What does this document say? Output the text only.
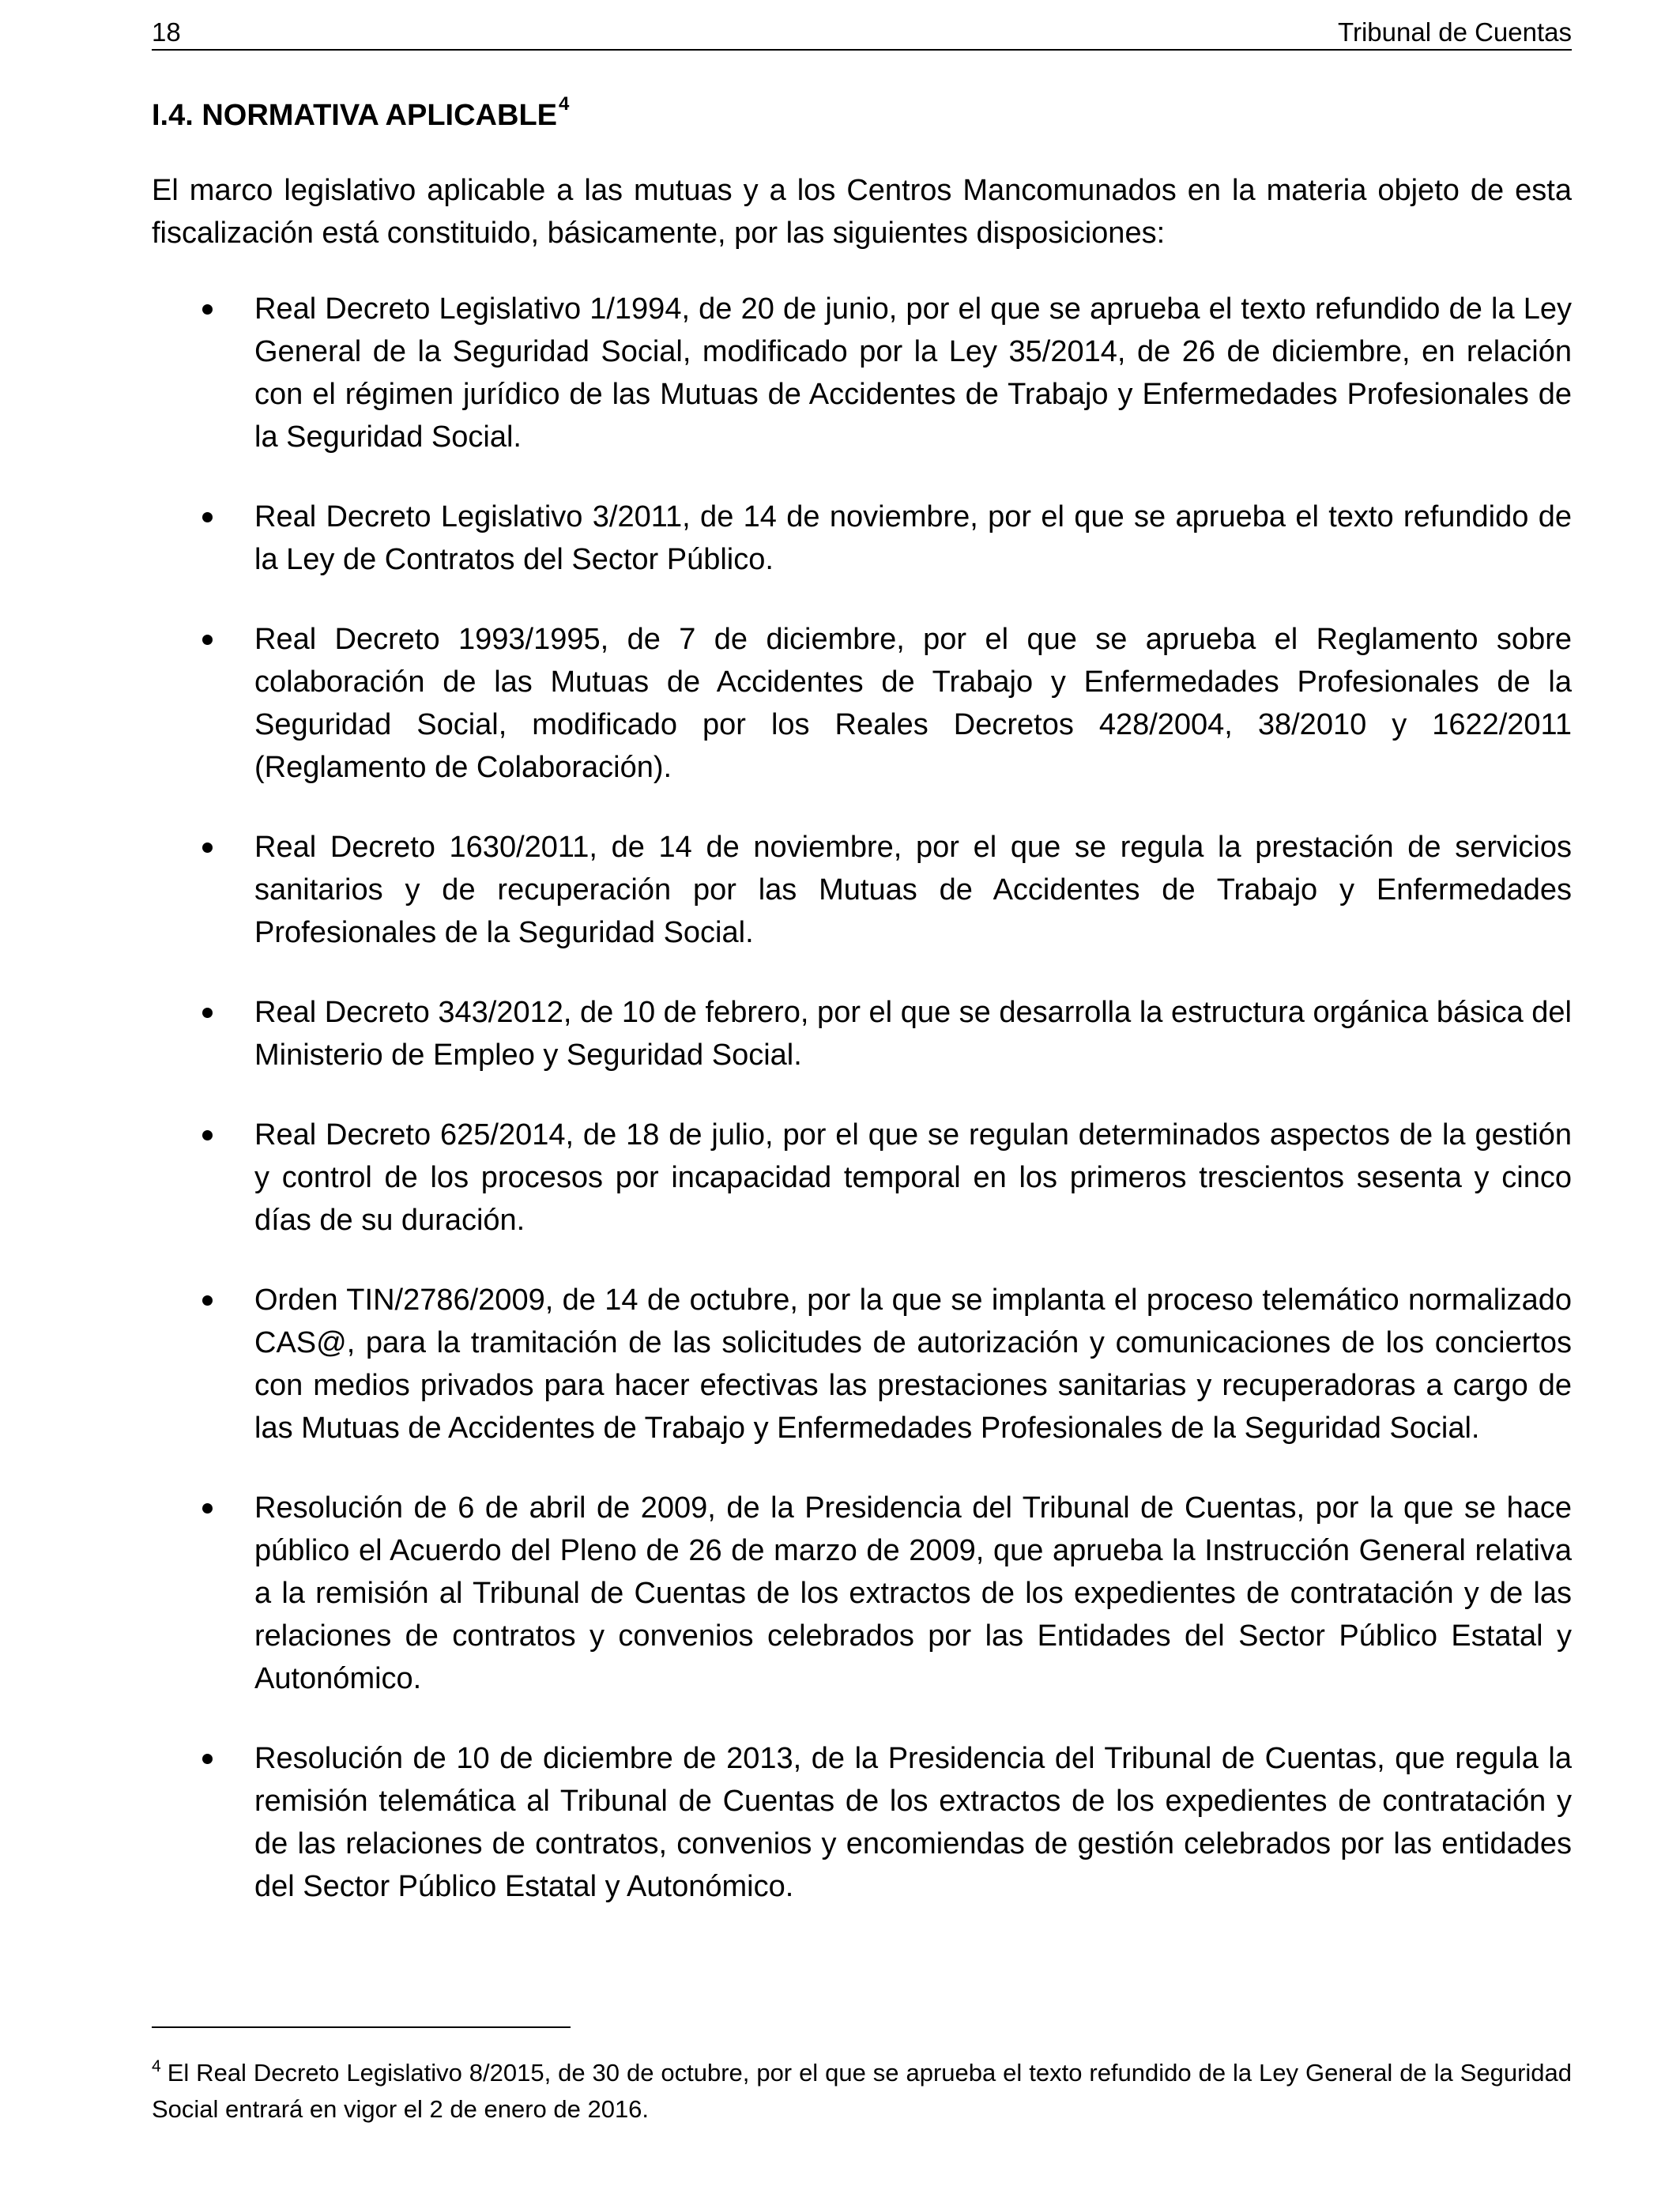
18	Tribunal de Cuentas
I.4. NORMATIVA APLICABLE$^4$

El marco legislativo aplicable a las mutuas y a los Centros Mancomunados en la materia objeto de esta fiscalización está constituido, básicamente, por las siguientes disposiciones:

Real Decreto Legislativo 1/1994, de 20 de junio, por el que se aprueba el texto refundido de la Ley General de la Seguridad Social, modificado por la Ley 35/2014, de 26 de diciembre, en relación con el régimen jurídico de las Mutuas de Accidentes de Trabajo y Enfermedades Profesionales de la Seguridad Social.
Real Decreto Legislativo 3/2011, de 14 de noviembre, por el que se aprueba el texto refundido de la Ley de Contratos del Sector Público.
Real Decreto 1993/1995, de 7 de diciembre, por el que se aprueba el Reglamento sobre colaboración de las Mutuas de Accidentes de Trabajo y Enfermedades Profesionales de la Seguridad Social, modificado por los Reales Decretos 428/2004, 38/2010 y 1622/2011 (Reglamento de Colaboración).
Real Decreto 1630/2011, de 14 de noviembre, por el que se regula la prestación de servicios sanitarios y de recuperación por las Mutuas de Accidentes de Trabajo y Enfermedades Profesionales de la Seguridad Social.
Real Decreto 343/2012, de 10 de febrero, por el que se desarrolla la estructura orgánica básica del Ministerio de Empleo y Seguridad Social.
Real Decreto 625/2014, de 18 de julio, por el que se regulan determinados aspectos de la gestión y control de los procesos por incapacidad temporal en los primeros trescientos sesenta y cinco días de su duración.
Orden TIN/2786/2009, de 14 de octubre, por la que se implanta el proceso telemático normalizado CAS@, para la tramitación de las solicitudes de autorización y comunicaciones de los conciertos con medios privados para hacer efectivas las prestaciones sanitarias y recuperadoras a cargo de las Mutuas de Accidentes de Trabajo y Enfermedades Profesionales de la Seguridad Social.
Resolución de 6 de abril de 2009, de la Presidencia del Tribunal de Cuentas, por la que se hace público el Acuerdo del Pleno de 26 de marzo de 2009, que aprueba la Instrucción General relativa a la remisión al Tribunal de Cuentas de los extractos de los expedientes de contratación y de las relaciones de contratos y convenios celebrados por las Entidades del Sector Público Estatal y Autonómico.
Resolución de 10 de diciembre de 2013, de la Presidencia del Tribunal de Cuentas, que regula la remisión telemática al Tribunal de Cuentas de los extractos de los expedientes de contratación y de las relaciones de contratos, convenios y encomiendas de gestión celebrados por las entidades del Sector Público Estatal y Autonómico.

$^4$ El Real Decreto Legislativo 8/2015, de 30 de octubre, por el que se aprueba el texto refundido de la Ley General de la Seguridad Social entrará en vigor el 2 de enero de 2016.
